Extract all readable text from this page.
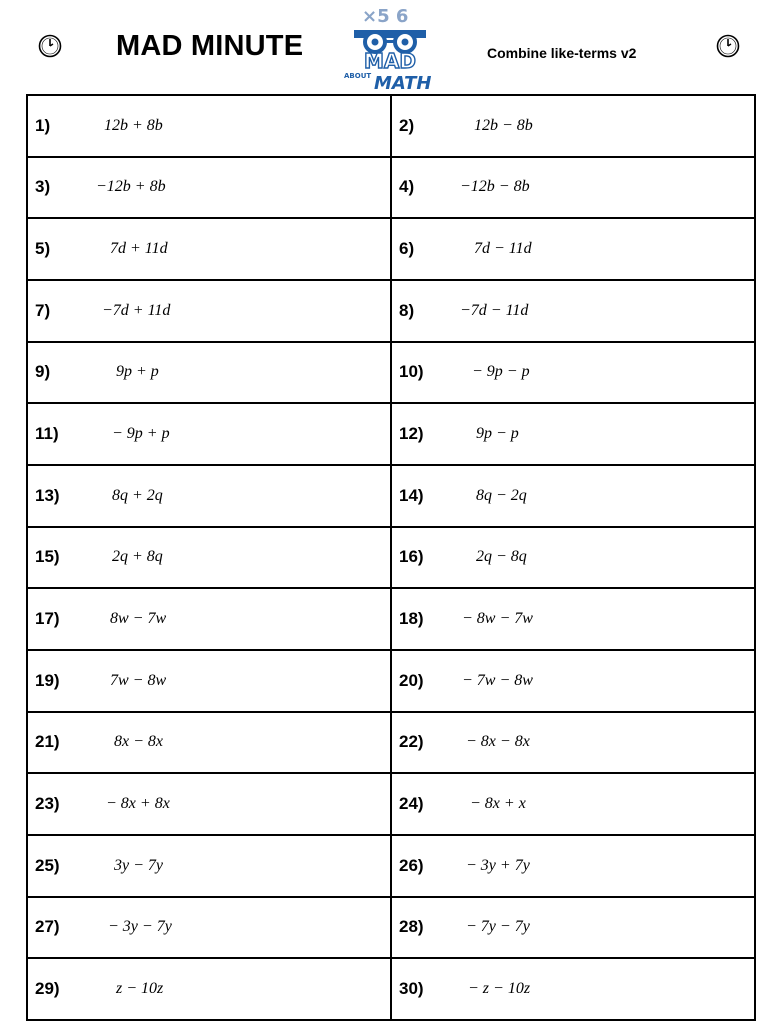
MAD MINUTE
×5 6
MAD
ABOUT MATH
Combine like-terms v2
1) 12b + 8b	2) 12b − 8b

3) −12b + 8b	4) −12b − 8b

5) 7d + 11d	6) 7d − 11d

7) −7d + 11d	8) −7d − 11d

9) 9p + p	10) − 9p − p

11) − 9p + p	12) 9p − p

13) 8q + 2q	14) 8q − 2q

15) 2q + 8q	16) 2q − 8q

17) 8w − 7w	18) − 8w − 7w

19) 7w − 8w	20) − 7w − 8w

21) 8x − 8x	22) − 8x − 8x

23) − 8x + 8x	24) − 8x + x

25) 3y − 7y	26) − 3y + 7y

27) − 3y − 7y	28) − 7y − 7y

29) z − 10z	30) − z − 10z
